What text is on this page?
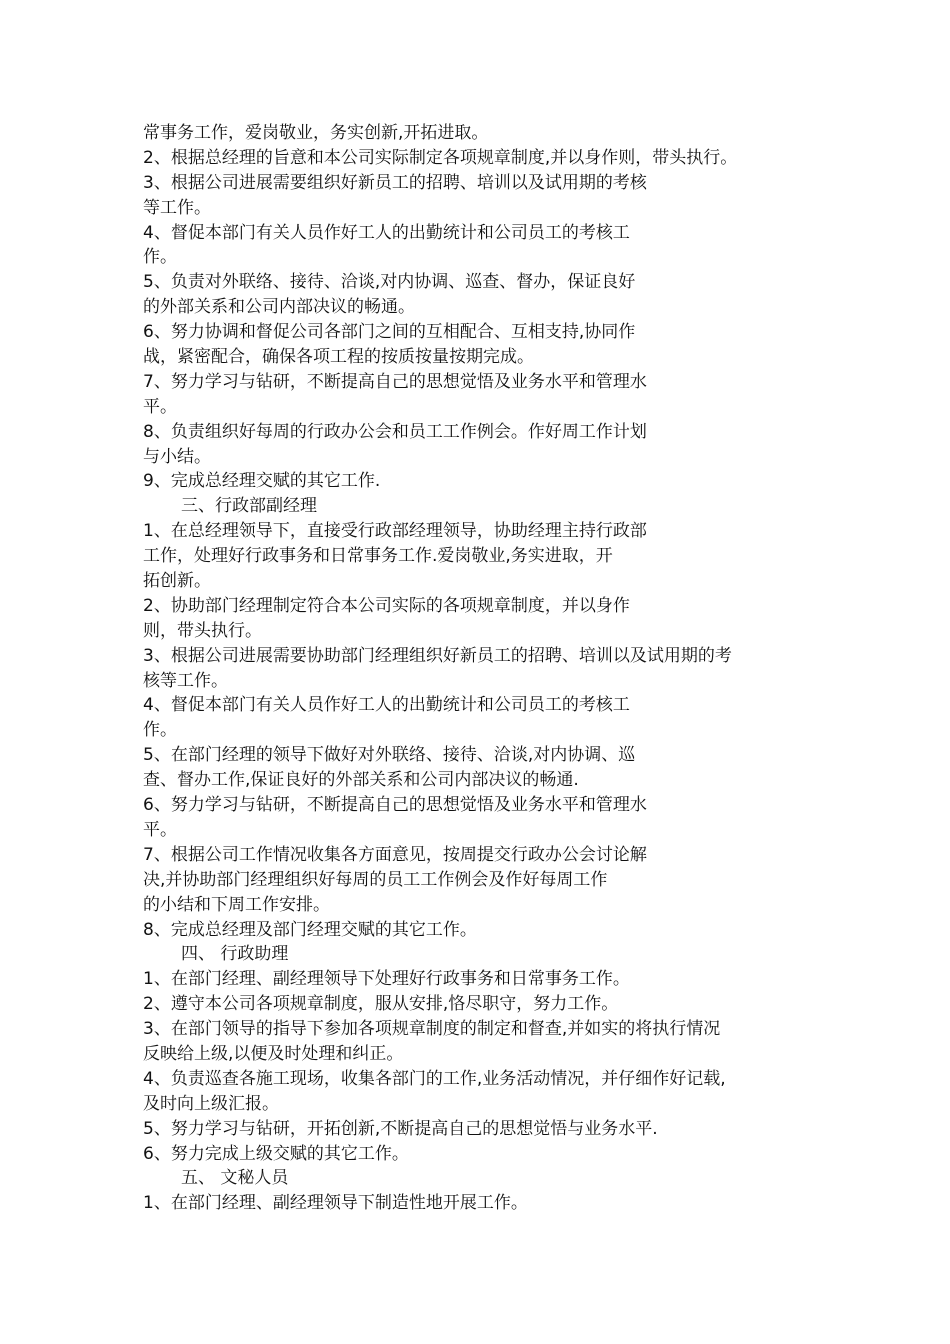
常事务工作，爱岗敬业，务实创新,开拓进取。
2、根据总经理的旨意和本公司实际制定各项规章制度,并以身作则，带头执行。
3、根据公司进展需要组织好新员工的招聘、培训以及试用期的考核
等工作。
4、督促本部门有关人员作好工人的出勤统计和公司员工的考核工
作。
5、负责对外联络、接待、洽谈,对内协调、巡查、督办，保证良好
的外部关系和公司内部决议的畅通。
6、努力协调和督促公司各部门之间的互相配合、互相支持,协同作
战，紧密配合，确保各项工程的按质按量按期完成。
7、努力学习与钻研，不断提高自己的思想觉悟及业务水平和管理水
平。
8、负责组织好每周的行政办公会和员工工作例会。作好周工作计划
与小结。
9、完成总经理交赋的其它工作.
三、行政部副经理
1、在总经理领导下，直接受行政部经理领导，协助经理主持行政部
工作，处理好行政事务和日常事务工作.爱岗敬业,务实进取，开
拓创新。
2、协助部门经理制定符合本公司实际的各项规章制度，并以身作
则，带头执行。
3、根据公司进展需要协助部门经理组织好新员工的招聘、培训以及试用期的考
核等工作。
4、督促本部门有关人员作好工人的出勤统计和公司员工的考核工
作。
5、在部门经理的领导下做好对外联络、接待、洽谈,对内协调、巡
查、督办工作,保证良好的外部关系和公司内部决议的畅通.
6、努力学习与钻研，不断提高自己的思想觉悟及业务水平和管理水
平。
7、根据公司工作情况收集各方面意见，按周提交行政办公会讨论解
决,并协助部门经理组织好每周的员工工作例会及作好每周工作
的小结和下周工作安排。
8、完成总经理及部门经理交赋的其它工作。
四、 行政助理
1、在部门经理、副经理领导下处理好行政事务和日常事务工作。
2、遵守本公司各项规章制度，服从安排,恪尽职守，努力工作。
3、在部门领导的指导下参加各项规章制度的制定和督查,并如实的将执行情况
反映给上级,以便及时处理和纠正。
4、负责巡查各施工现场，收集各部门的工作,业务活动情况，并仔细作好记载,
及时向上级汇报。
5、努力学习与钻研，开拓创新,不断提高自己的思想觉悟与业务水平.
6、努力完成上级交赋的其它工作。
五、 文秘人员
1、在部门经理、副经理领导下制造性地开展工作。
